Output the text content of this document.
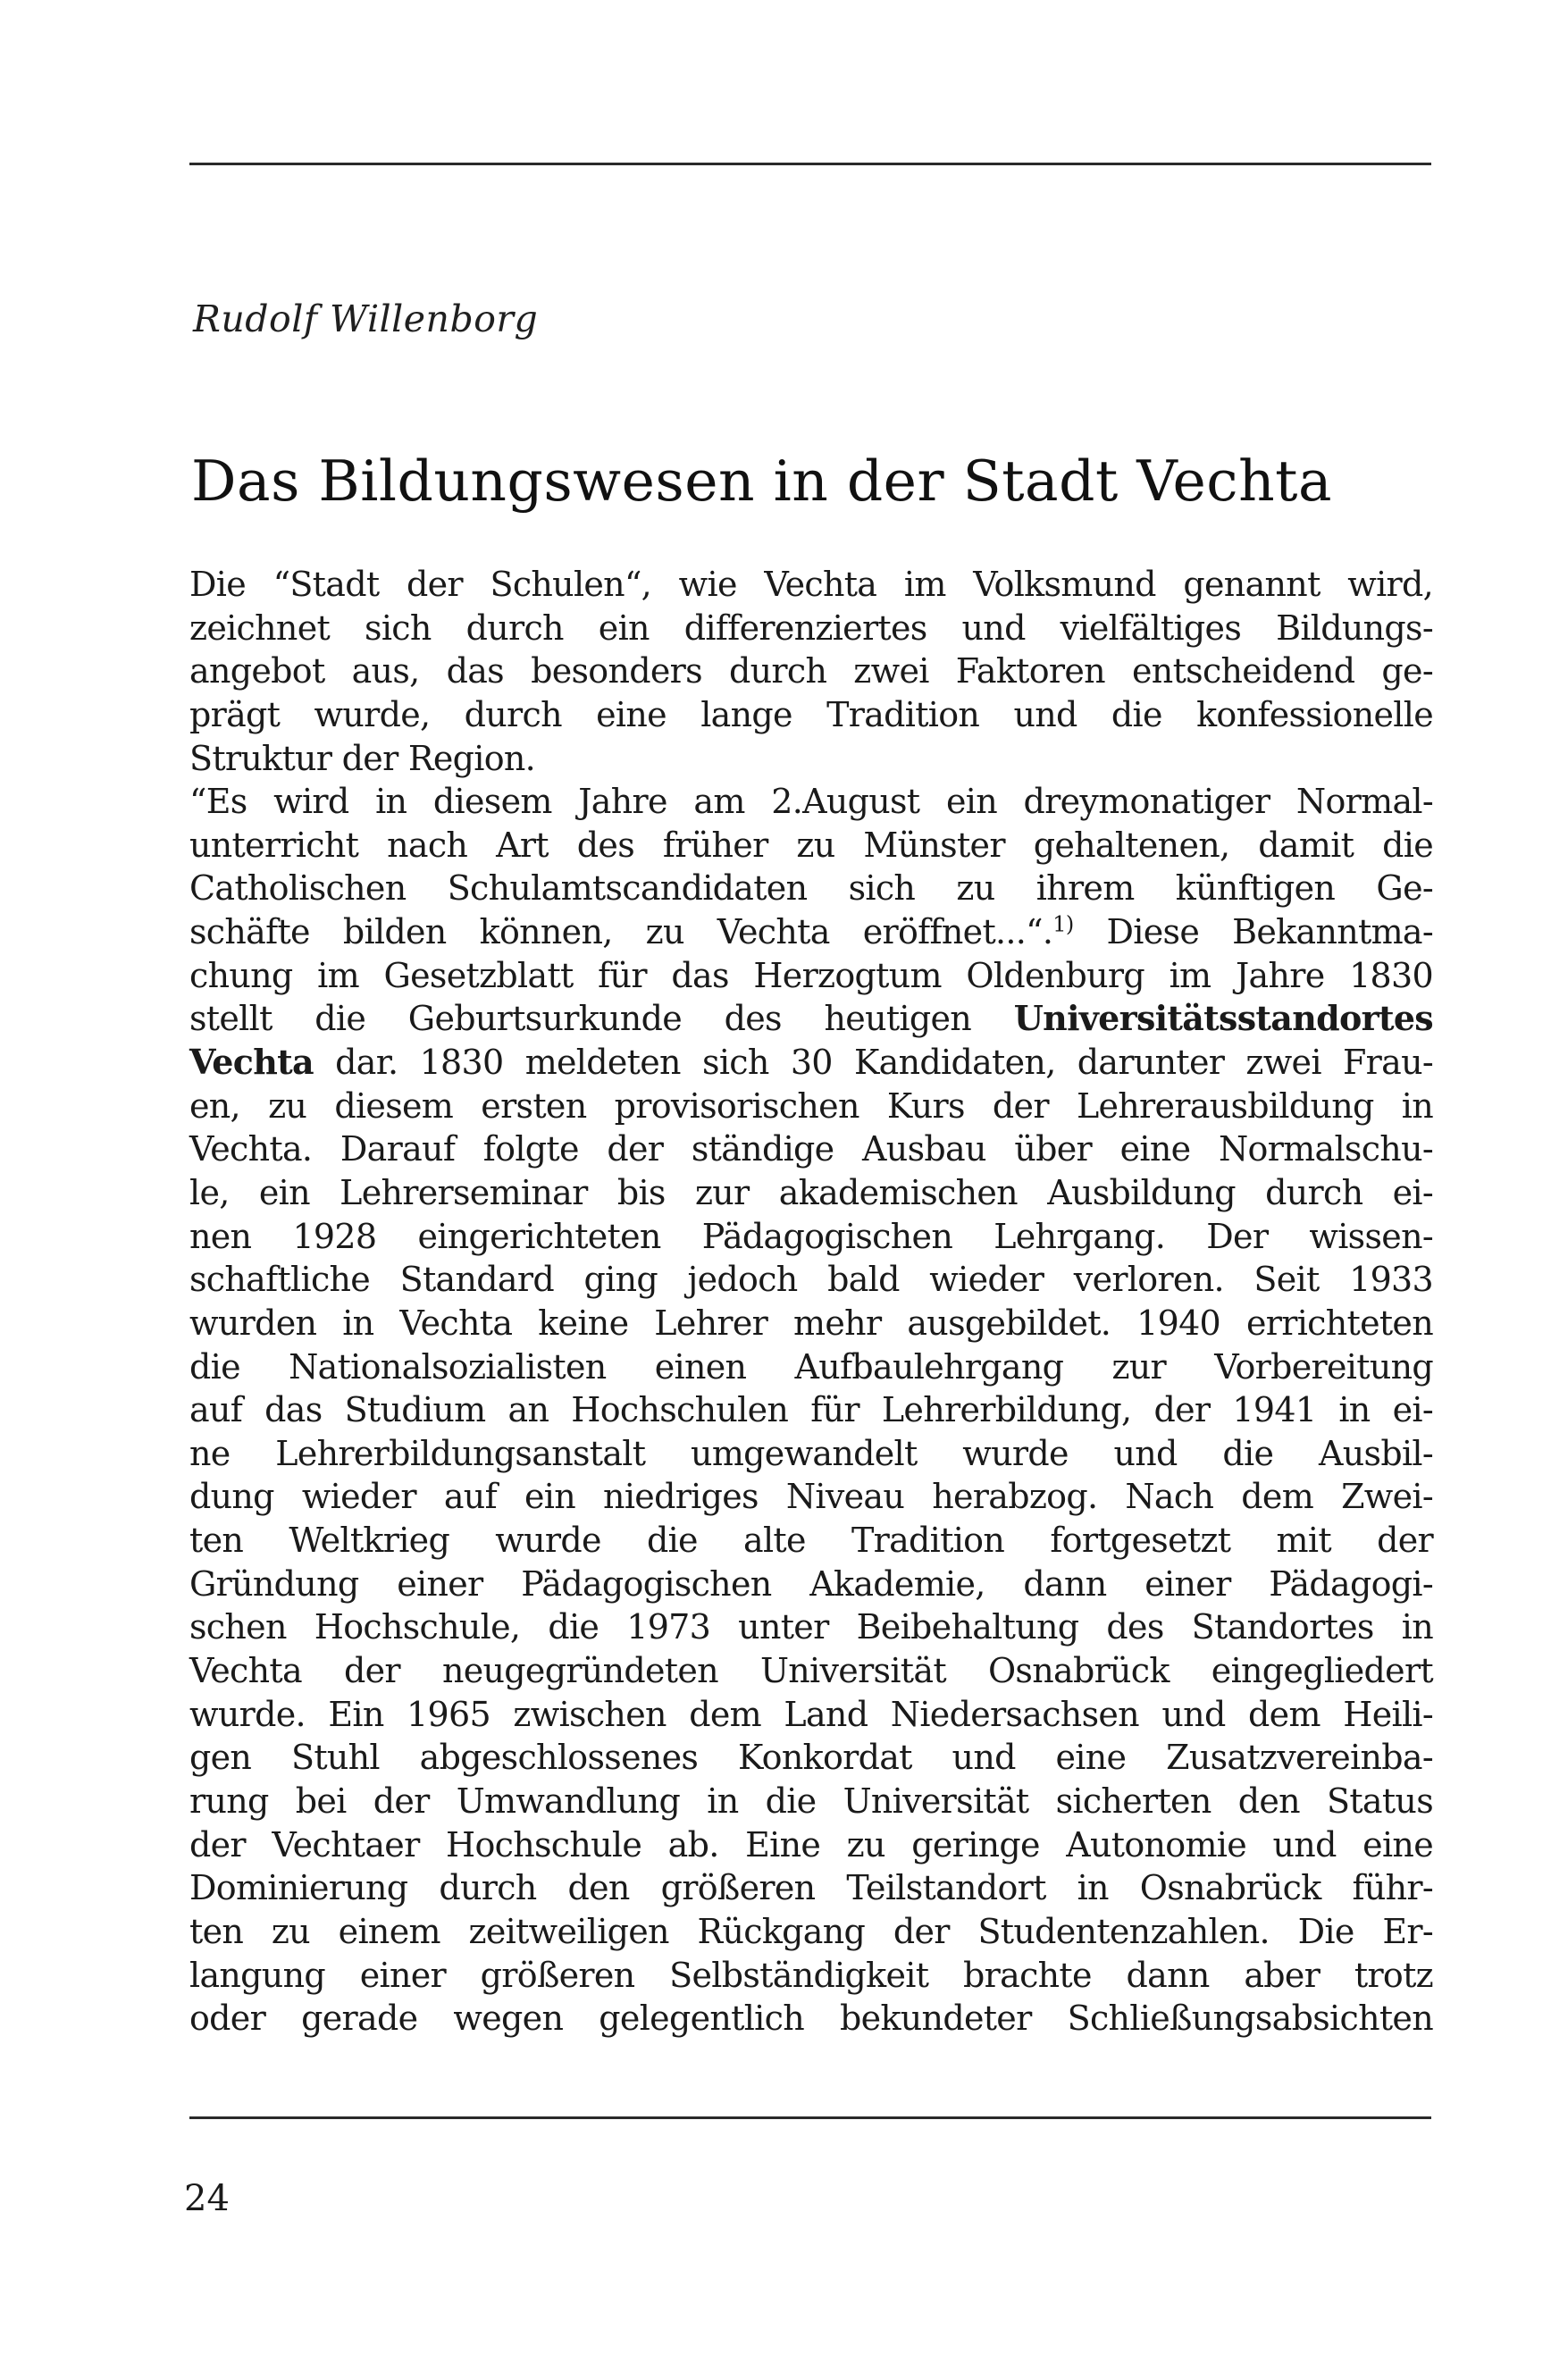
Rudolf Willenborg
Das Bildungswesen in der Stadt Vechta
Die “Stadt der Schulen“, wie Vechta im Volksmund genannt wird,
zeichnet sich durch ein differenziertes und vielfältiges Bildungs-
angebot aus, das besonders durch zwei Faktoren entscheidend ge-
prägt wurde, durch eine lange Tradition und die konfessionelle
Struktur der Region.
“Es wird in diesem Jahre am 2.August ein dreymonatiger Normal-
unterricht nach Art des früher zu Münster gehaltenen, damit die
Catholischen Schulamtscandidaten sich zu ihrem künftigen Ge-
schäfte bilden können, zu Vechta eröffnet...“.$^{1)}$ Diese Bekanntma-
chung im Gesetzblatt für das Herzogtum Oldenburg im Jahre 1830
stellt die Geburtsurkunde des heutigen Universitätsstandortes
Vechta dar. 1830 meldeten sich 30 Kandidaten, darunter zwei Frau-
en, zu diesem ersten provisorischen Kurs der Lehrerausbildung in
Vechta. Darauf folgte der ständige Ausbau über eine Normalschu-
le, ein Lehrerseminar bis zur akademischen Ausbildung durch ei-
nen 1928 eingerichteten Pädagogischen Lehrgang. Der wissen-
schaftliche Standard ging jedoch bald wieder verloren. Seit 1933
wurden in Vechta keine Lehrer mehr ausgebildet. 1940 errichteten
die Nationalsozialisten einen Aufbaulehrgang zur Vorbereitung
auf das Studium an Hochschulen für Lehrerbildung, der 1941 in ei-
ne Lehrerbildungsanstalt umgewandelt wurde und die Ausbil-
dung wieder auf ein niedriges Niveau herabzog. Nach dem Zwei-
ten Weltkrieg wurde die alte Tradition fortgesetzt mit der
Gründung einer Pädagogischen Akademie, dann einer Pädagogi-
schen Hochschule, die 1973 unter Beibehaltung des Standortes in
Vechta der neugegründeten Universität Osnabrück eingegliedert
wurde. Ein 1965 zwischen dem Land Niedersachsen und dem Heili-
gen Stuhl abgeschlossenes Konkordat und eine Zusatzvereinba-
rung bei der Umwandlung in die Universität sicherten den Status
der Vechtaer Hochschule ab. Eine zu geringe Autonomie und eine
Dominierung durch den größeren Teilstandort in Osnabrück führ-
ten zu einem zeitweiligen Rückgang der Studentenzahlen. Die Er-
langung einer größeren Selbständigkeit brachte dann aber trotz
oder gerade wegen gelegentlich bekundeter Schließungsabsichten
24
